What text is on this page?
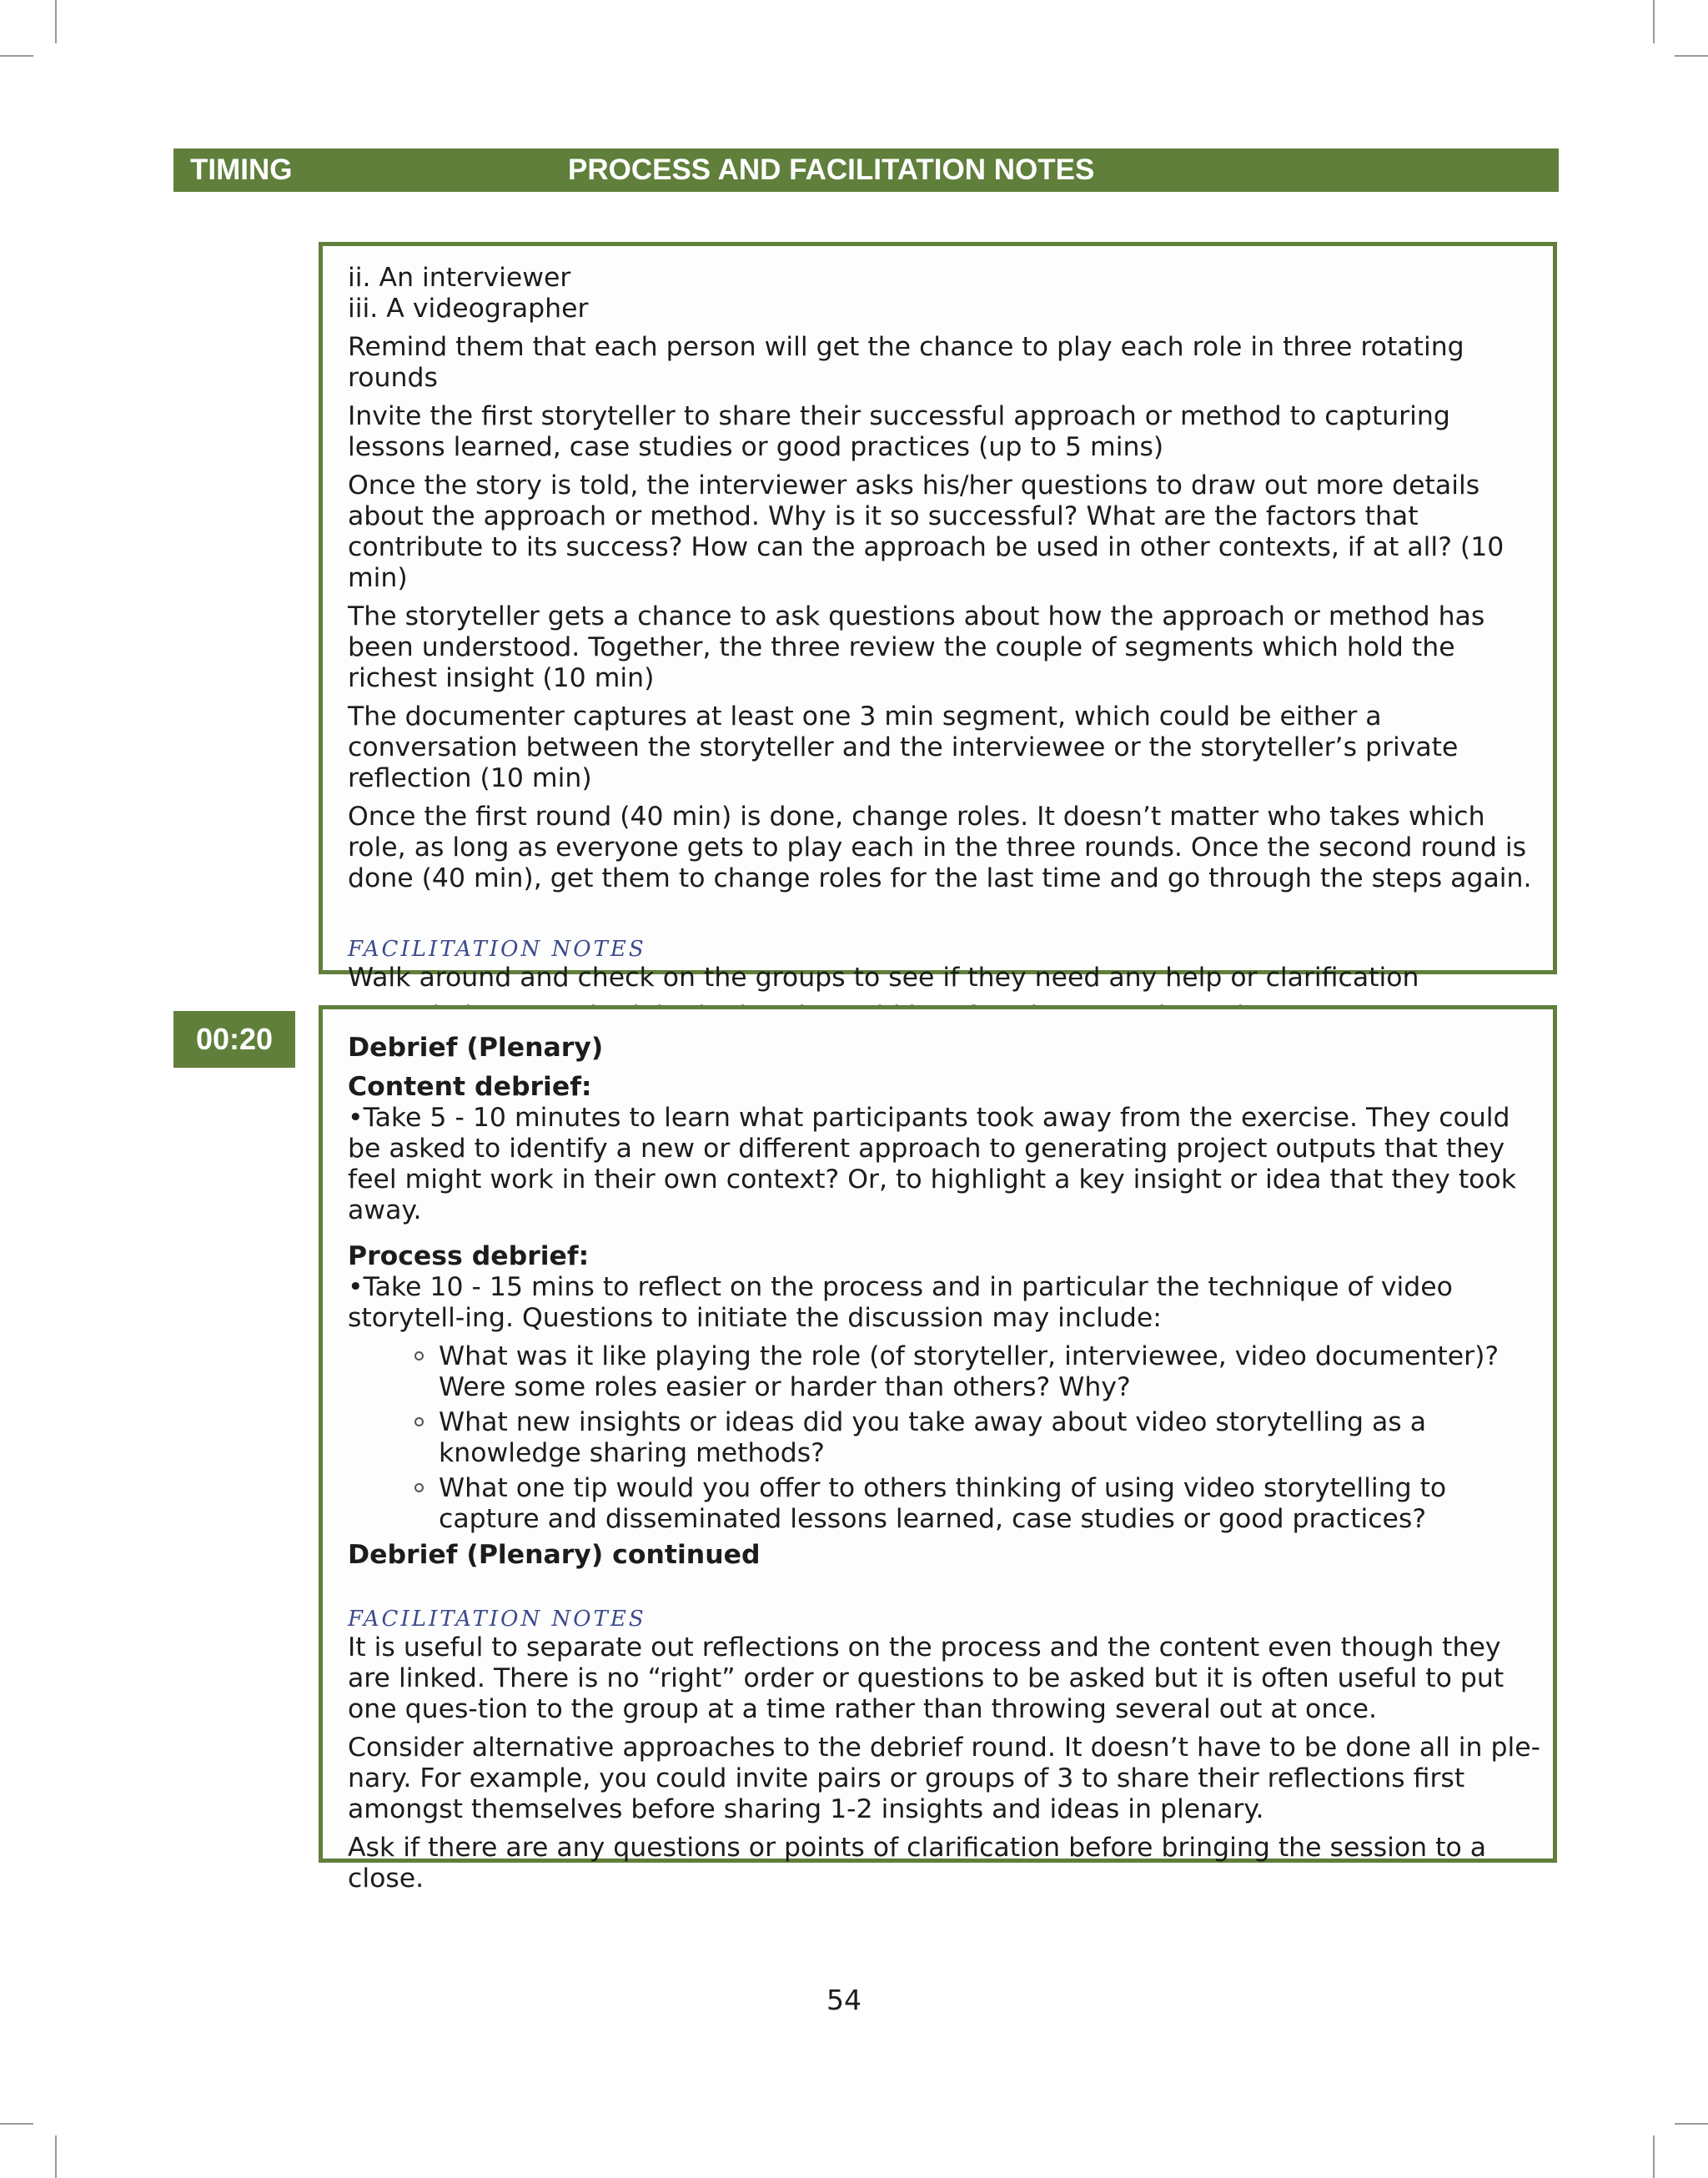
TIMING	PROCESS AND FACILITATION NOTES

ii. An interviewer

iii. A videographer

Remind them that each person will get the chance to play each role in three rotating rounds

Invite the first storyteller to share their successful approach or method to capturing lessons learned, case studies or good practices (up to 5 mins)

Once the story is told, the interviewer asks his/her questions to draw out more details about the approach or method. Why is it so successful? What are the factors that contribute to its success? How can the approach be used in other contexts, if at all? (10 min)

The storyteller gets a chance to ask questions about how the approach or method has been understood. Together, the three review the couple of segments which hold the richest insight (10 min)

The documenter captures at least one 3 min segment, which could be either a conversation between the storyteller and the interviewee or the storyteller’s private reflection (10 min)

Once the first round (40 min) is done, change roles. It doesn’t matter who takes which role, as long as everyone gets to play each in the three rounds. Once the second round is done (40 min), get them to change roles for the last time and go through the steps again.

FACILITATION NOTES

Walk around and check on the groups to see if they need any help or clarification

00:20	Debrief (Plenary)

Content debrief:

•Take 5 - 10 minutes to learn what participants took away from the exercise. They could be asked to identify a new or different approach to generating project outputs that they feel might work in their own context? Or, to highlight a key insight or idea that they took away.

Process debrief:

•Take 10 - 15 mins to reflect on the process and in particular the technique of video storytell-ing. Questions to initiate the discussion may include:

What was it like playing the role (of storyteller, interviewee, video documenter)? Were some roles easier or harder than others? Why?
What new insights or ideas did you take away about video storytelling as a knowledge sharing methods?
What one tip would you offer to others thinking of using video storytelling to capture and disseminated lessons learned, case studies or good practices?

Debrief (Plenary) continued

FACILITATION NOTES

It is useful to separate out reflections on the process and the content even though they are linked. There is no “right” order or questions to be asked but it is often useful to put one ques-tion to the group at a time rather than throwing several out at once.

Consider alternative approaches to the debrief round. It doesn’t have to be done all in ple-nary. For example, you could invite pairs or groups of 3 to share their reflections first amongst themselves before sharing 1-2 insights and ideas in plenary.

Ask if there are any questions or points of clarification before bringing the session to a close.

54
